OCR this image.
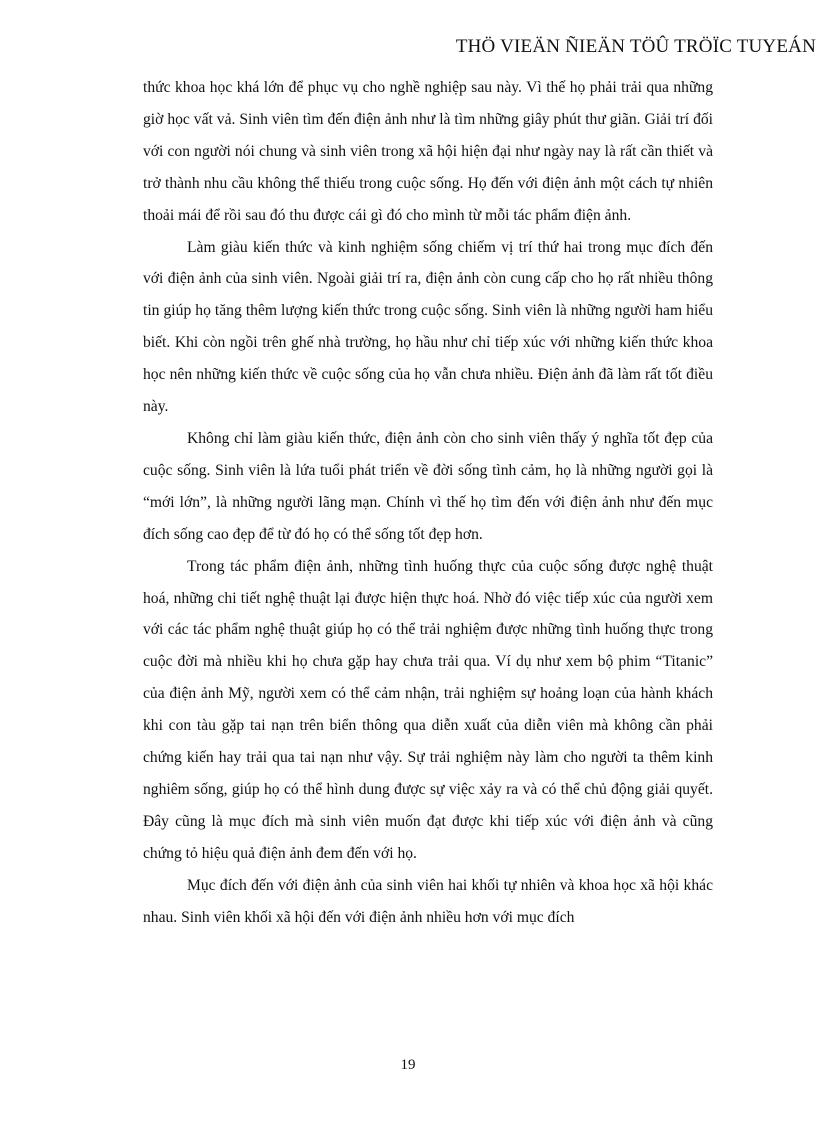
THÖ VIEÄN ÑIEÄN TÖÛ TRÖÏC TUYEÁN

thức khoa học khá lớn để phục vụ cho nghề nghiệp sau này. Vì thế họ phải trải qua những giờ học vất vả. Sinh viên tìm đến điện ảnh như là tìm những giây phút thư giãn. Giải trí đối với con người nói chung và sinh viên trong xã hội hiện đại như ngày nay là rất cần thiết và trở thành nhu cầu không thể thiếu trong cuộc sống. Họ đến với điện ảnh một cách tự nhiên thoải mái để rồi sau đó thu được cái gì đó cho mình từ mỗi tác phẩm điện ảnh.

Làm giàu kiến thức và kinh nghiệm sống chiếm vị trí thứ hai trong mục đích đến với điện ảnh của sinh viên. Ngoài giải trí ra, điện ảnh còn cung cấp cho họ rất nhiều thông tin giúp họ tăng thêm lượng kiến thức trong cuộc sống. Sinh viên là những người ham hiểu biết. Khi còn ngồi trên ghế nhà trường, họ hầu như chỉ tiếp xúc với những kiến thức khoa học nên những kiến thức về cuộc sống của họ vẫn chưa nhiều. Điện ảnh đã làm rất tốt điều này.

Không chỉ làm giàu kiến thức, điện ảnh còn cho sinh viên thấy ý nghĩa tốt đẹp của cuộc sống. Sinh viên là lứa tuổi phát triển về đời sống tình cảm, họ là những người gọi là “mới lớn”, là những người lãng mạn. Chính vì thế họ tìm đến với điện ảnh như đến mục đích sống cao đẹp để từ đó họ có thể sống tốt đẹp hơn.

Trong tác phẩm điện ảnh, những tình huống thực của cuộc sống được nghệ thuật hoá, những chi tiết nghệ thuật lại được hiện thực hoá. Nhờ đó việc tiếp xúc của người xem với các tác phẩm nghệ thuật giúp họ có thể trải nghiệm được những tình huống thực trong cuộc đời mà nhiều khi họ chưa gặp hay chưa trải qua. Ví dụ như xem bộ phim “Titanic” của điện ảnh Mỹ, người xem có thể cảm nhận, trải nghiệm sự hoảng loạn của hành khách khi con tàu gặp tai nạn trên biển thông qua diễn xuất của diễn viên mà không cần phải chứng kiến hay trải qua tai nạn như vậy. Sự trải nghiệm này làm cho người ta thêm kinh nghiêm sống, giúp họ có thể hình dung được sự việc xảy ra và có thể chủ động giải quyết. Đây cũng là mục đích mà sinh viên muốn đạt được khi tiếp xúc với điện ảnh và cũng chứng tỏ hiệu quả điện ảnh đem đến với họ.

Mục đích đến với điện ảnh của sinh viên hai khối tự nhiên và khoa học xã hội khác nhau. Sinh viên khối xã hội đến với điện ảnh nhiều hơn với mục đích

19
